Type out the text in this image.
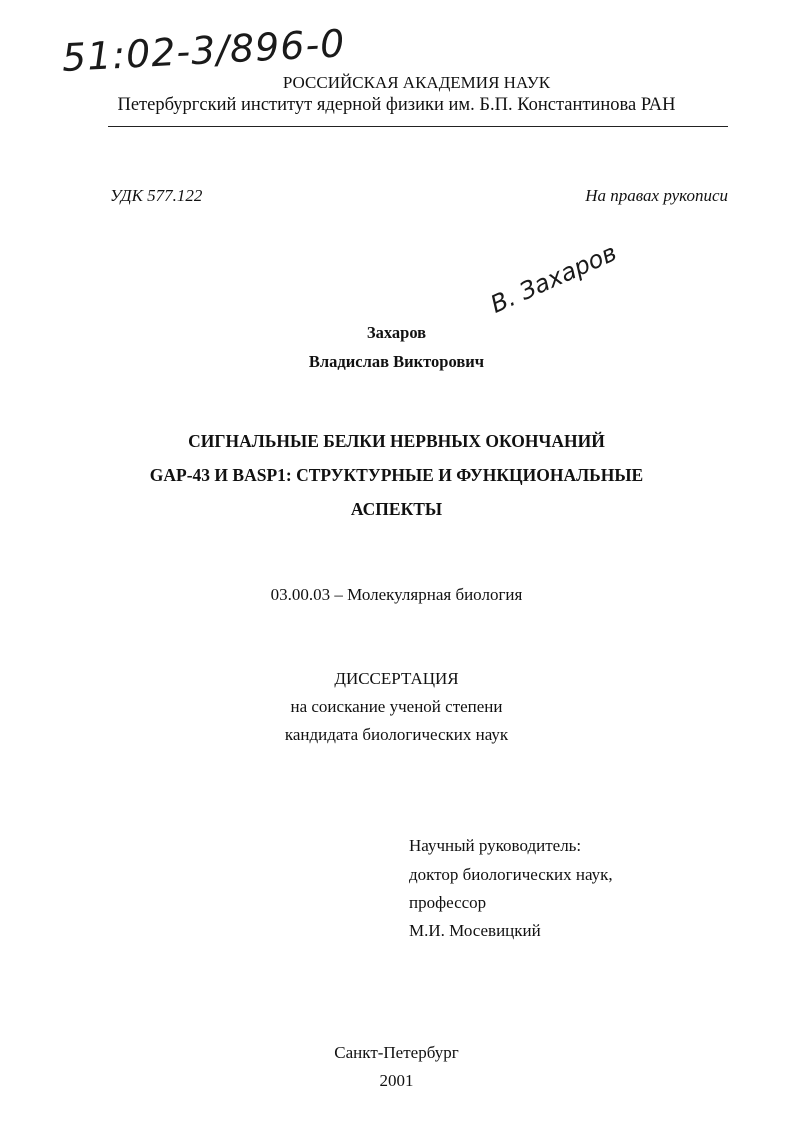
51:02-3/896-0
РОССИЙСКАЯ АКАДЕМИЯ НАУК
Петербургский институт ядерной физики им. Б.П. Константинова РАН
УДК 577.122	На правах рукописи
Захаров
В. Захаров
Владислав Викторович
СИГНАЛЬНЫЕ БЕЛКИ НЕРВНЫХ ОКОНЧАНИЙ
GAP-43 И BASP1: СТРУКТУРНЫЕ И ФУНКЦИОНАЛЬНЫЕ
АСПЕКТЫ
03.00.03 – Молекулярная биология
ДИССЕРТАЦИЯ
на соискание ученой степени
кандидата биологических наук
Научный руководитель:
доктор биологических наук,
профессор
М.И. Мосевицкий
Санкт-Петербург
2001
